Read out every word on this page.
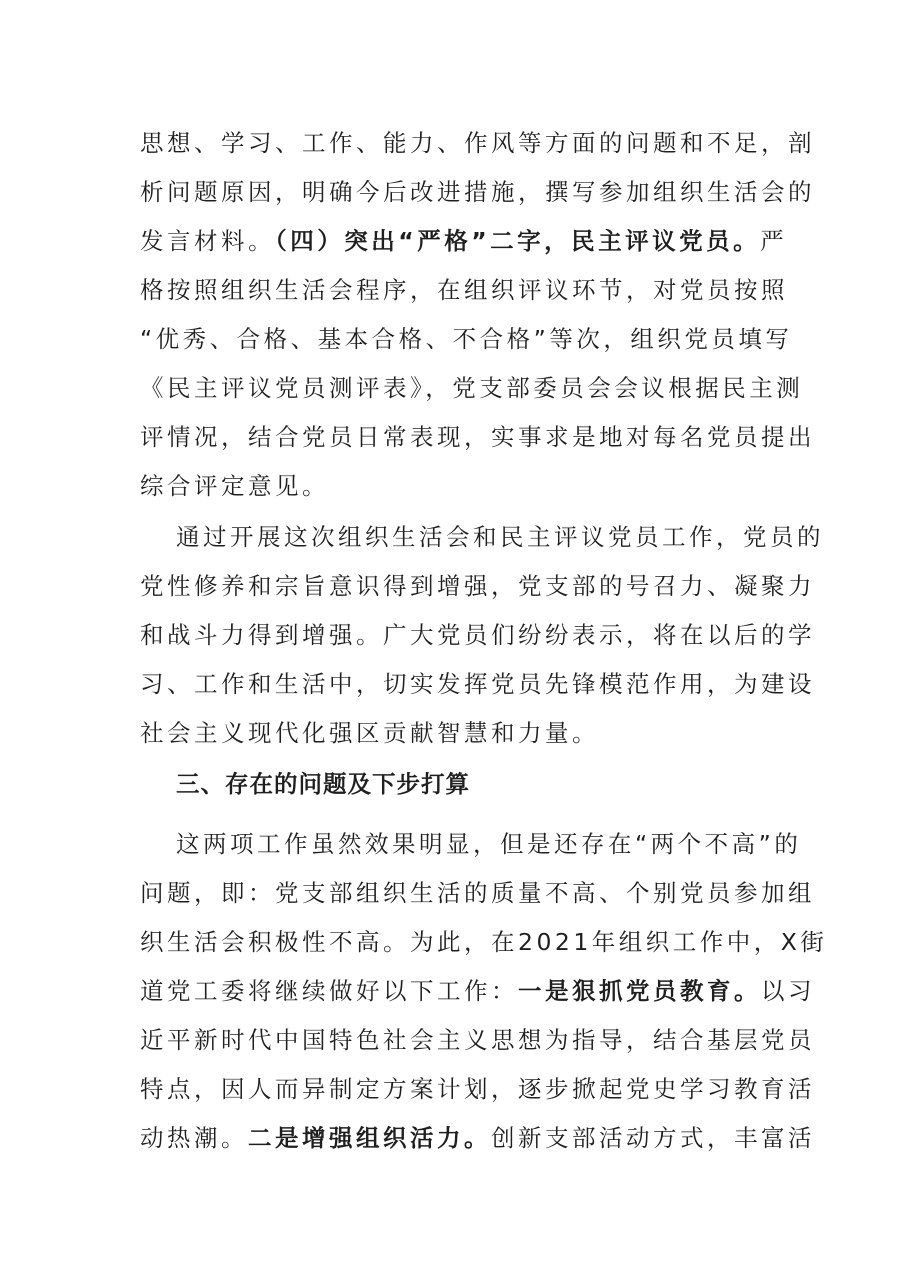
思想、学习、工作、能力、作风等方面的问题和不足，剖
析问题原因，明确今后改进措施，撰写参加组织生活会的
发言材料。（四）突出“严格”二字，民主评议党员。严
格按照组织生活会程序，在组织评议环节，对党员按照
“优秀、合格、基本合格、不合格”等次，组织党员填写
《民主评议党员测评表》，党支部委员会会议根据民主测
评情况，结合党员日常表现，实事求是地对每名党员提出
综合评定意见。

通过开展这次组织生活会和民主评议党员工作，党员的
党性修养和宗旨意识得到增强，党支部的号召力、凝聚力
和战斗力得到增强。广大党员们纷纷表示，将在以后的学
习、工作和生活中，切实发挥党员先锋模范作用，为建设
社会主义现代化强区贡献智慧和力量。

三、存在的问题及下步打算

这两项工作虽然效果明显，但是还存在“两个不高”的
问题，即：党支部组织生活的质量不高、个别党员参加组
织生活会积极性不高。为此，在2021年组织工作中，X街
道党工委将继续做好以下工作：一是狠抓党员教育。以习
近平新时代中国特色社会主义思想为指导，结合基层党员
特点，因人而异制定方案计划，逐步掀起党史学习教育活
动热潮。二是增强组织活力。创新支部活动方式，丰富活
